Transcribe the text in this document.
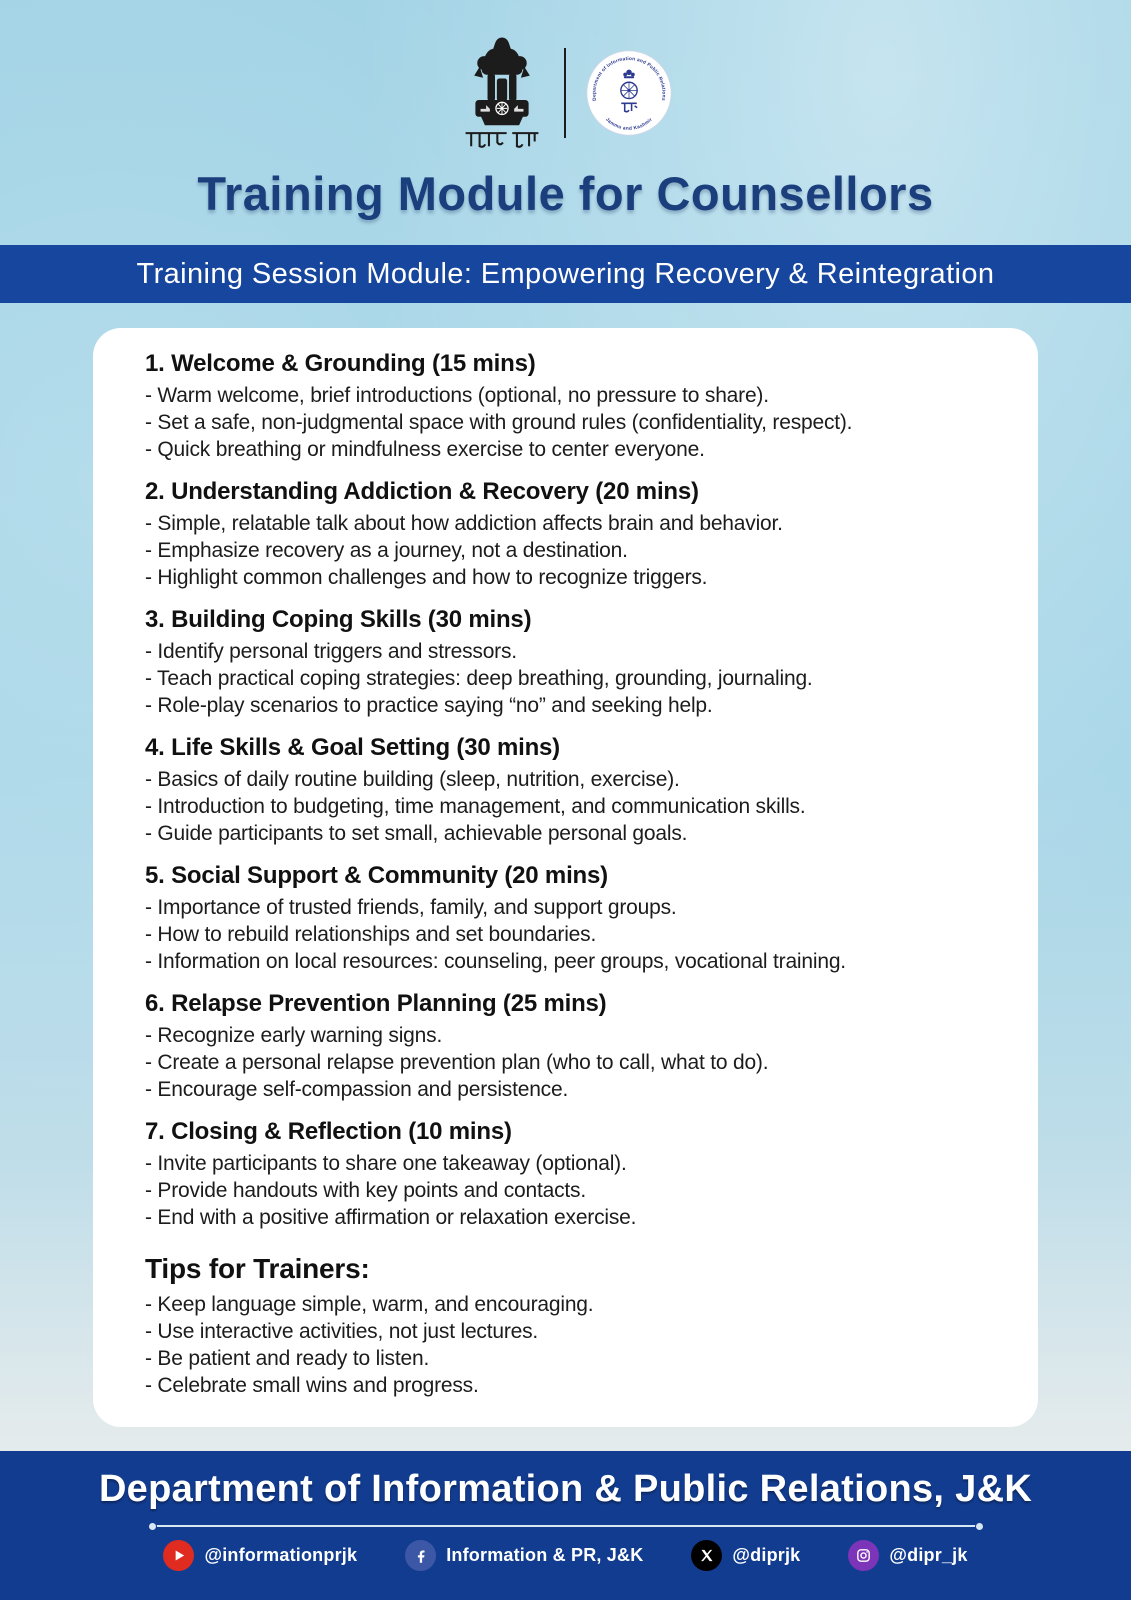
Department of Information and Public Relations
Jammu and Kashmir
Training Module for Counsellors
Training Session Module: Empowering Recovery & Reintegration
1. Welcome & Grounding (15 mins)

- Warm welcome, brief introductions (optional, no pressure to share).

- Set a safe, non-judgmental space with ground rules (confidentiality, respect).

- Quick breathing or mindfulness exercise to center everyone.

2. Understanding Addiction & Recovery (20 mins)

- Simple, relatable talk about how addiction affects brain and behavior.

- Emphasize recovery as a journey, not a destination.

- Highlight common challenges and how to recognize triggers.

3. Building Coping Skills (30 mins)

- Identify personal triggers and stressors.

- Teach practical coping strategies: deep breathing, grounding, journaling.

- Role-play scenarios to practice saying “no” and seeking help.

4. Life Skills & Goal Setting (30 mins)

- Basics of daily routine building (sleep, nutrition, exercise).

- Introduction to budgeting, time management, and communication skills.

- Guide participants to set small, achievable personal goals.

5. Social Support & Community (20 mins)

- Importance of trusted friends, family, and support groups.

- How to rebuild relationships and set boundaries.

- Information on local resources: counseling, peer groups, vocational training.

6. Relapse Prevention Planning (25 mins)

- Recognize early warning signs.

- Create a personal relapse prevention plan (who to call, what to do).

- Encourage self-compassion and persistence.

7. Closing & Reflection (10 mins)

- Invite participants to share one takeaway (optional).

- Provide handouts with key points and contacts.

- End with a positive affirmation or relaxation exercise.

Tips for Trainers:

- Keep language simple, warm, and encouraging.

- Use interactive activities, not just lectures.

- Be patient and ready to listen.

- Celebrate small wins and progress.

Department of Information & Public Relations, J&K
@informationprjk	Information & PR, J&K	@diprjk	@dipr_jk
